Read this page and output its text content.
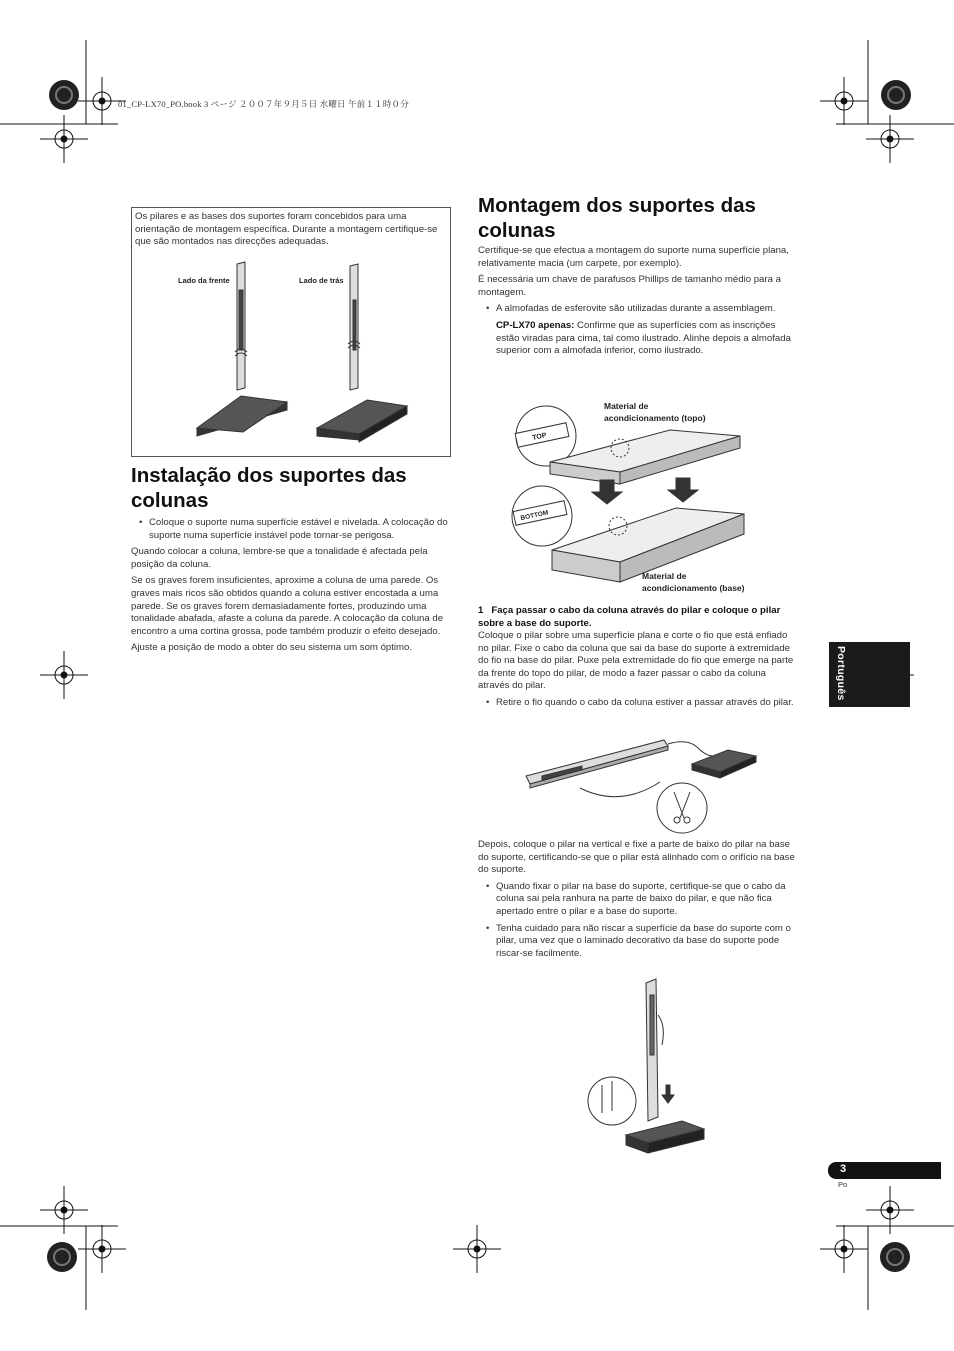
01_CP-LX70_PO.book 3 ページ ２００７年９月５日 水曜日 午前１１時０分
Os pilares e as bases dos suportes foram concebidos para uma orientação de montagem específica. Durante a montagem certifique-se que são montados nas direcções adequadas.
Lado da frente	Lado de trás
Instalação dos suportes das colunas
• Coloque o suporte numa superfície estável e nivelada. A colocação do suporte numa superfície instável pode tornar-se perigosa.

Quando colocar a coluna, lembre-se que a tonalidade é afectada pela posição da coluna.

Se os graves forem insuficientes, aproxime a coluna de uma parede. Os graves mais ricos são obtidos quando a coluna estiver encostada a uma parede. Se os graves forem demasiadamente fortes, produzindo uma tonalidade abafada, afaste a coluna da parede. A colocação da coluna de encontro a uma cortina grossa, pode também produzir o efeito desejado.

Ajuste a posição de modo a obter do seu sistema um som óptimo.

Montagem dos suportes das colunas

Certifique-se que efectua a montagem do suporte numa superfície plana, relativamente macia (um carpete, por exemplo).

É necessária um chave de parafusos Phillips de tamanho médio para a montagem.

• A almofadas de esferovite são utilizadas durante a assemblagem.
CP-LX70 apenas: Confirme que as superfícies com as inscrições estão viradas para cima, tal como ilustrado. Alinhe depois a almofada superior com a almofada inferior, como ilustrado.
TOP
BOTTOM
Material de
acondicionamento (topo)
Material de
acondicionamento (base)
1 Faça passar o cabo da coluna através do pilar e coloque o pilar sobre a base do suporte.

Coloque o pilar sobre uma superfície plana e corte o fio que está enfiado no pilar. Fixe o cabo da coluna que sai da base do suporte à extremidade do fio na base do pilar. Puxe pela extremidade do fio que emerge na parte da frente do topo do pilar, de modo a fazer passar o cabo da coluna através do pilar.

• Retire o fio quando o cabo da coluna estiver a passar através do pilar.

Depois, coloque o pilar na vertical e fixe a parte de baixo do pilar na base do suporte, certificando-se que o pilar está alinhado com o orifício na base do suporte.

• Quando fixar o pilar na base do suporte, certifique-se que o cabo da coluna sai pela ranhura na parte de baixo do pilar, e que não fica apertado entre o pilar e a base do suporte.
• Tenha cuidado para não riscar a superfície da base do suporte com o pilar, uma vez que o laminado decorativo da base do suporte pode riscar-se facilmente.
Português
3
Po
